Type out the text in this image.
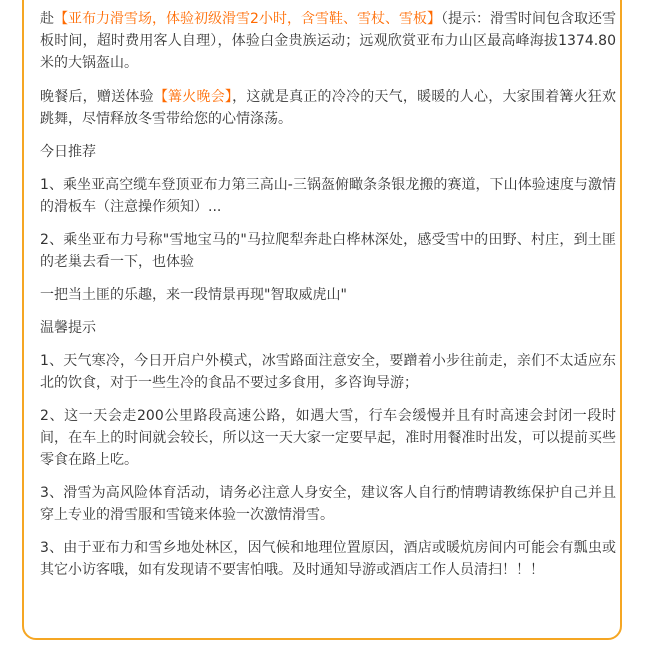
赴【亚布力滑雪场，体验初级滑雪2小时，含雪鞋、雪杖、雪板】（提示：滑雪时间包含取还雪板时间，超时费用客人自理），体验白金贵族运动；远观欣赏亚布力山区最高峰海拔1374.80米的大锅盔山。

晚餐后，赠送体验【篝火晚会】，这就是真正的冷冷的天气，暖暖的人心，大家围着篝火狂欢跳舞，尽情释放冬雪带给您的心情涤荡。

今日推荐

1、乘坐亚高空缆车登顶亚布力第三高山-三锅盔俯瞰条条银龙搬的赛道，下山体验速度与激情的滑板车（注意操作须知）...

2、乘坐亚布力号称"雪地宝马的"马拉爬犁奔赴白桦林深处，感受雪中的田野、村庄，到土匪的老巢去看一下，也体验

一把当土匪的乐趣，来一段情景再现"智取威虎山"

温馨提示

1、天气寒冷，今日开启户外模式，冰雪路面注意安全，要蹭着小步往前走，亲们不太适应东北的饮食，对于一些生冷的食品不要过多食用，多咨询导游；

2、这一天会走200公里路段高速公路，如遇大雪，行车会缓慢并且有时高速会封闭一段时间，在车上的时间就会较长，所以这一天大家一定要早起，准时用餐准时出发，可以提前买些零食在路上吃。

3、滑雪为高风险体育活动，请务必注意人身安全，建议客人自行酌情聘请教练保护自己并且穿上专业的滑雪服和雪镜来体验一次激情滑雪。

3、由于亚布力和雪乡地处林区，因气候和地理位置原因，酒店或暖炕房间内可能会有瓢虫或其它小访客哦，如有发现请不要害怕哦。及时通知导游或酒店工作人员清扫！！！
